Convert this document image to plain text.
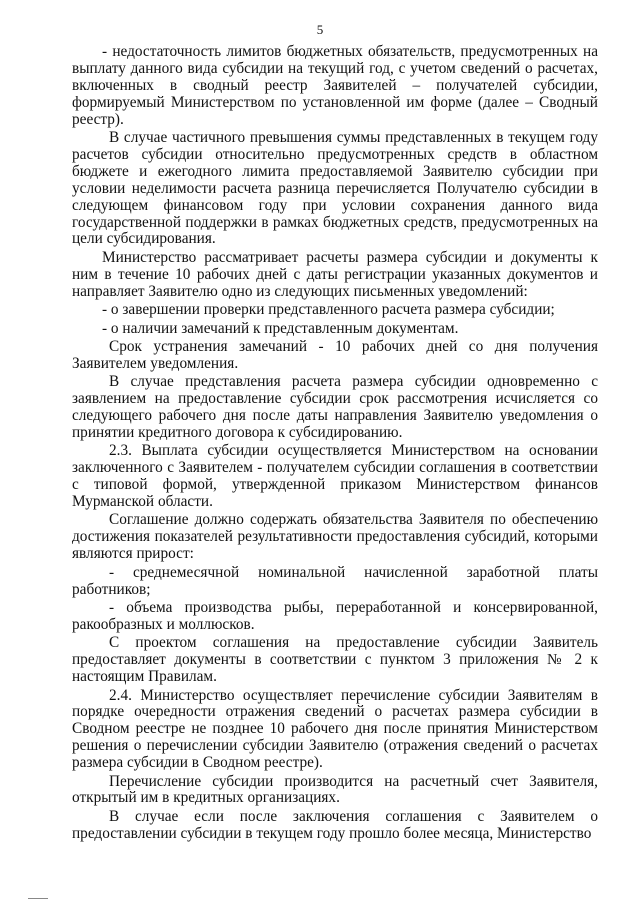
5

- недостаточность лимитов бюджетных обязательств, предусмотренных на выплату данного вида субсидии на текущий год, с учетом сведений о расчетах, включенных в сводный реестр Заявителей – получателей субсидии, формируемый Министерством по установленной им форме (далее – Сводный реестр).

В случае частичного превышения суммы представленных в текущем году расчетов субсидии относительно предусмотренных средств в областном бюджете и ежегодного лимита предоставляемой Заявителю субсидии при условии неделимости расчета разница перечисляется Получателю субсидии в следующем финансовом году при условии сохранения данного вида государственной поддержки в рамках бюджетных средств, предусмотренных на цели субсидирования.

Министерство рассматривает расчеты размера субсидии и документы к ним в течение 10 рабочих дней с даты регистрации указанных документов и направляет Заявителю одно из следующих письменных уведомлений:

- о завершении проверки представленного расчета размера субсидии;

- о наличии замечаний к представленным документам.

Срок устранения замечаний - 10 рабочих дней со дня получения Заявителем уведомления.

В случае представления расчета размера субсидии одновременно с заявлением на предоставление субсидии срок рассмотрения исчисляется со следующего рабочего дня после даты направления Заявителю уведомления о принятии кредитного договора к субсидированию.

2.3. Выплата субсидии осуществляется Министерством на основании заключенного с Заявителем - получателем субсидии соглашения в соответствии с типовой формой, утвержденной приказом Министерством финансов Мурманской области.

Соглашение должно содержать обязательства Заявителя по обеспечению достижения показателей результативности предоставления субсидий, которыми являются прирост:

- среднемесячной номинальной начисленной заработной платы работников;

- объема производства рыбы, переработанной и консервированной, ракообразных и моллюсков.

С проектом соглашения на предоставление субсидии Заявитель предоставляет документы в соответствии с пунктом 3 приложения № 2 к настоящим Правилам.

2.4. Министерство осуществляет перечисление субсидии Заявителям в порядке очередности отражения сведений о расчетах размера субсидии в Сводном реестре не позднее 10 рабочего дня после принятия Министерством решения о перечислении субсидии Заявителю (отражения сведений о расчетах размера субсидии в Сводном реестре).

Перечисление субсидии производится на расчетный счет Заявителя, открытый им в кредитных организациях.

В случае если после заключения соглашения с Заявителем о предоставлении субсидии в текущем году прошло более месяца, Министерство
